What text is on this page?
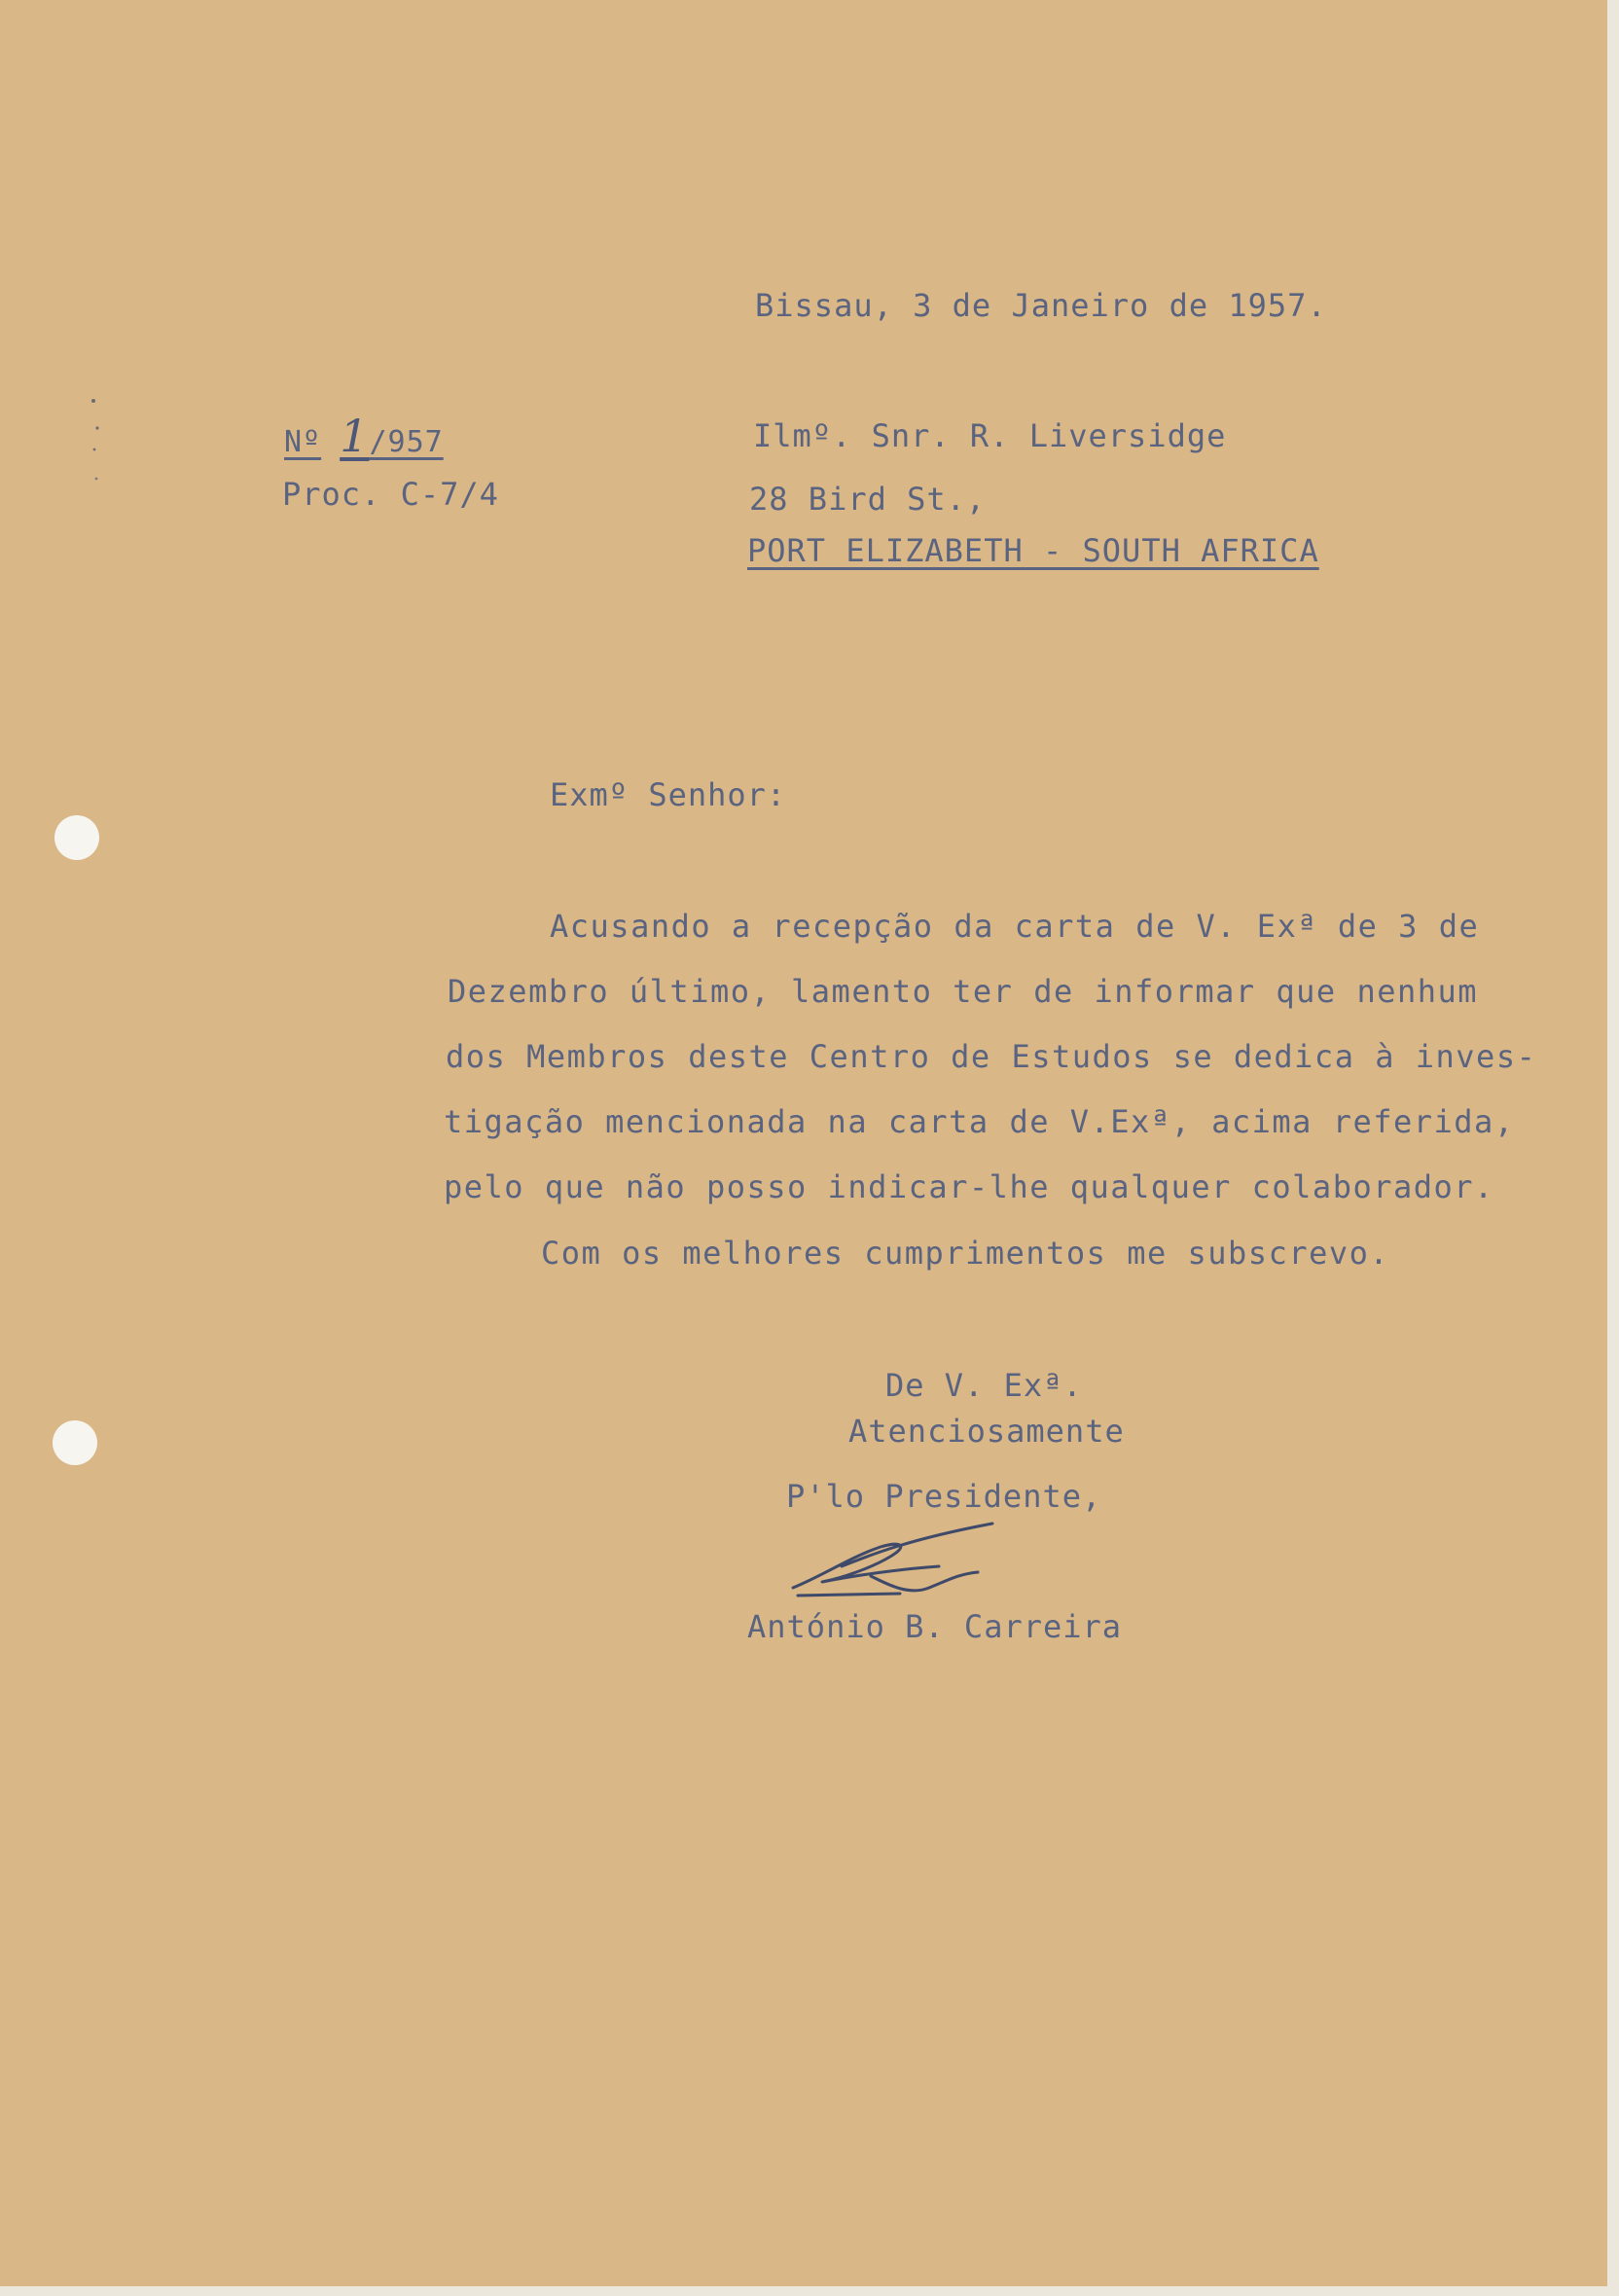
Bissau, 3 de Janeiro de 1957.
Nº 1/957
Proc. C-7/4
Ilmº. Snr. R. Liversidge
28 Bird St.,
PORT ELIZABETH - SOUTH AFRICA
Exmº Senhor:
Acusando a recepção da carta de V. Exª de 3 de
Dezembro último, lamento ter de informar que nenhum
dos Membros deste Centro de Estudos se dedica à inves-
tigação mencionada na carta de V.Exª, acima referida,
pelo que não posso indicar-lhe qualquer colaborador.
Com os melhores cumprimentos me subscrevo.
De V. Exª.
Atenciosamente
P'lo Presidente,
António B. Carreira
